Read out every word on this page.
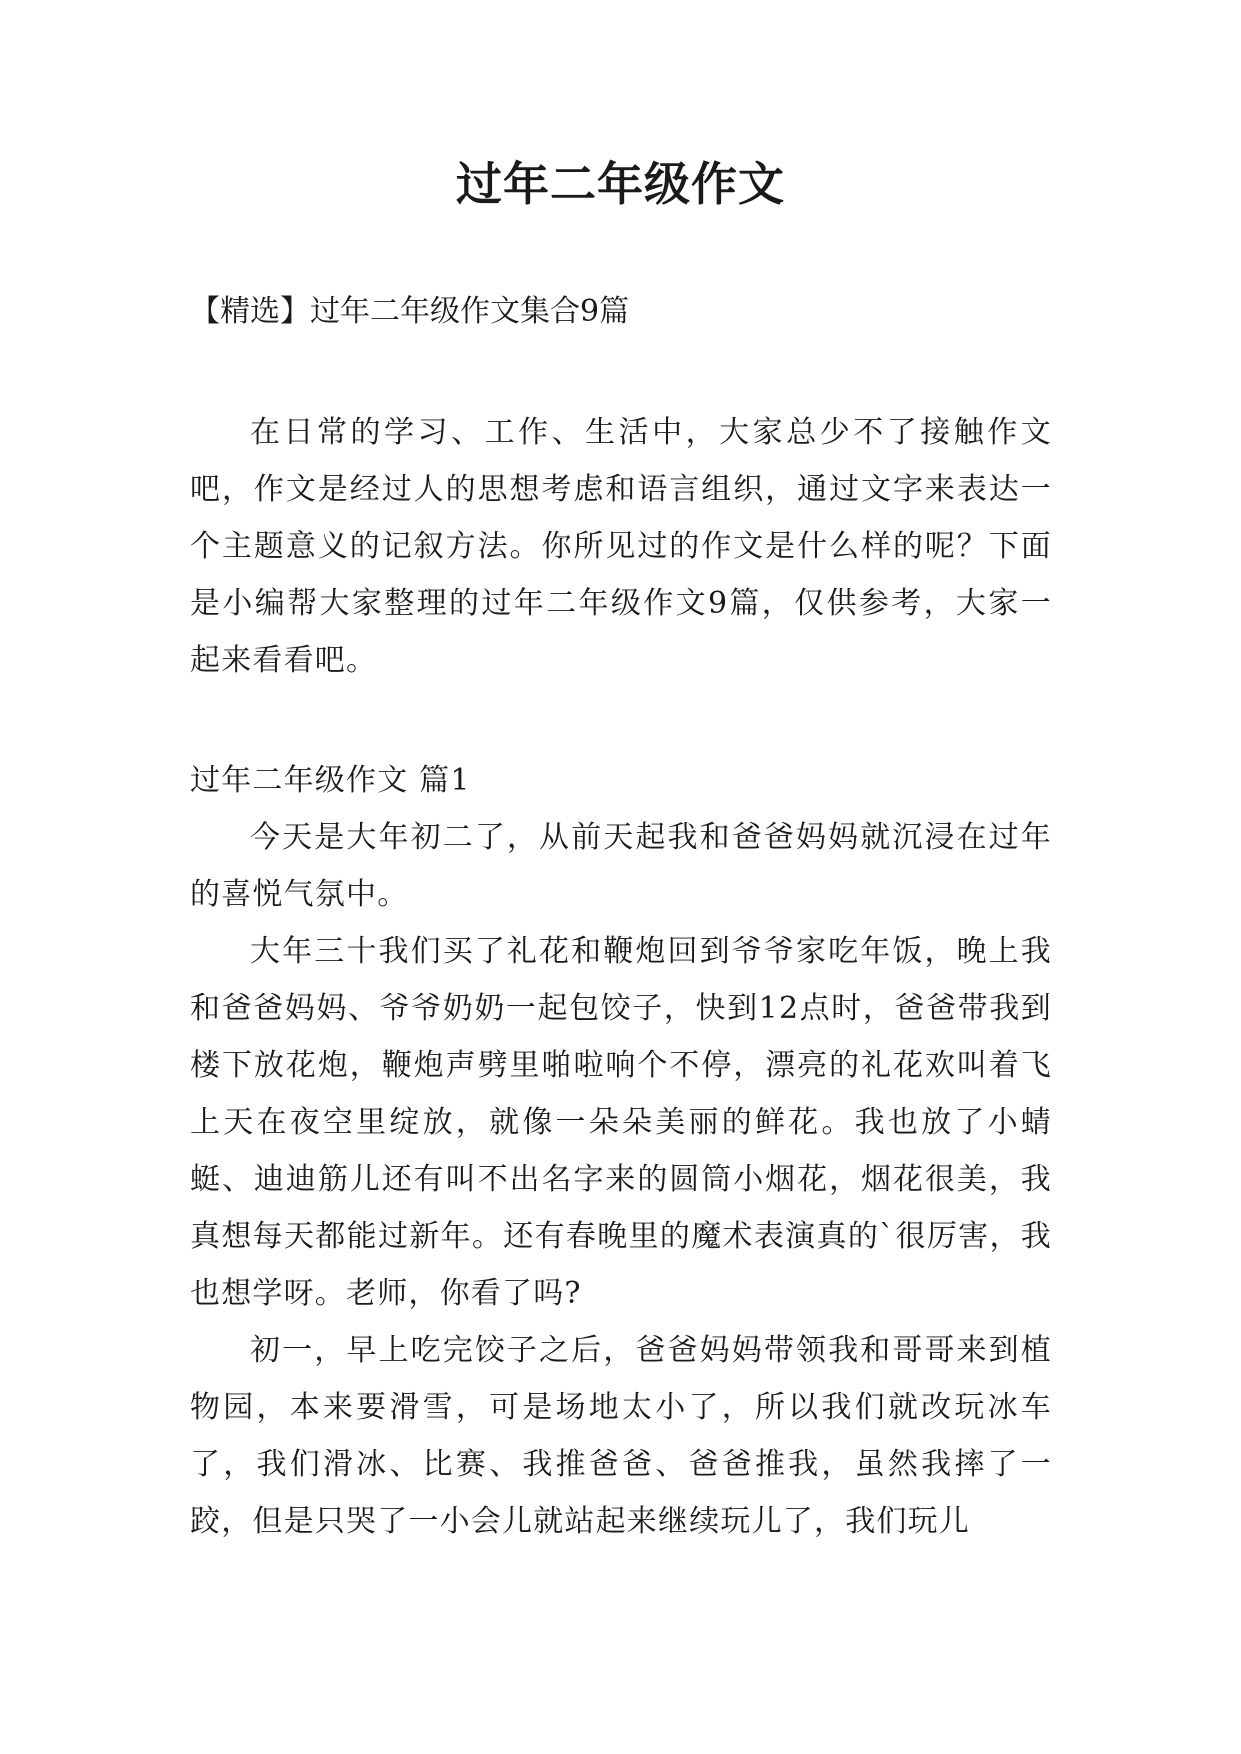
过年二年级作文

【精选】过年二年级作文集合9篇

在日常的学习、工作、生活中，大家总少不了接触作文吧，作文是经过人的思想考虑和语言组织，通过文字来表达一个主题意义的记叙方法。你所见过的作文是什么样的呢？下面是小编帮大家整理的过年二年级作文9篇，仅供参考，大家一起来看看吧。

过年二年级作文 篇1

今天是大年初二了，从前天起我和爸爸妈妈就沉浸在过年的喜悦气氛中。

大年三十我们买了礼花和鞭炮回到爷爷家吃年饭，晚上我和爸爸妈妈、爷爷奶奶一起包饺子，快到12点时，爸爸带我到楼下放花炮，鞭炮声劈里啪啦响个不停，漂亮的礼花欢叫着飞上天在夜空里绽放，就像一朵朵美丽的鲜花。我也放了小蜻蜓、迪迪筋儿还有叫不出名字来的圆筒小烟花，烟花很美，我真想每天都能过新年。还有春晚里的魔术表演真的`很厉害，我也想学呀。老师，你看了吗?

初一，早上吃完饺子之后，爸爸妈妈带领我和哥哥来到植物园，本来要滑雪，可是场地太小了，所以我们就改玩冰车了，我们滑冰、比赛、我推爸爸、爸爸推我，虽然我摔了一跤，但是只哭了一小会儿就站起来继续玩儿了，我们玩儿
